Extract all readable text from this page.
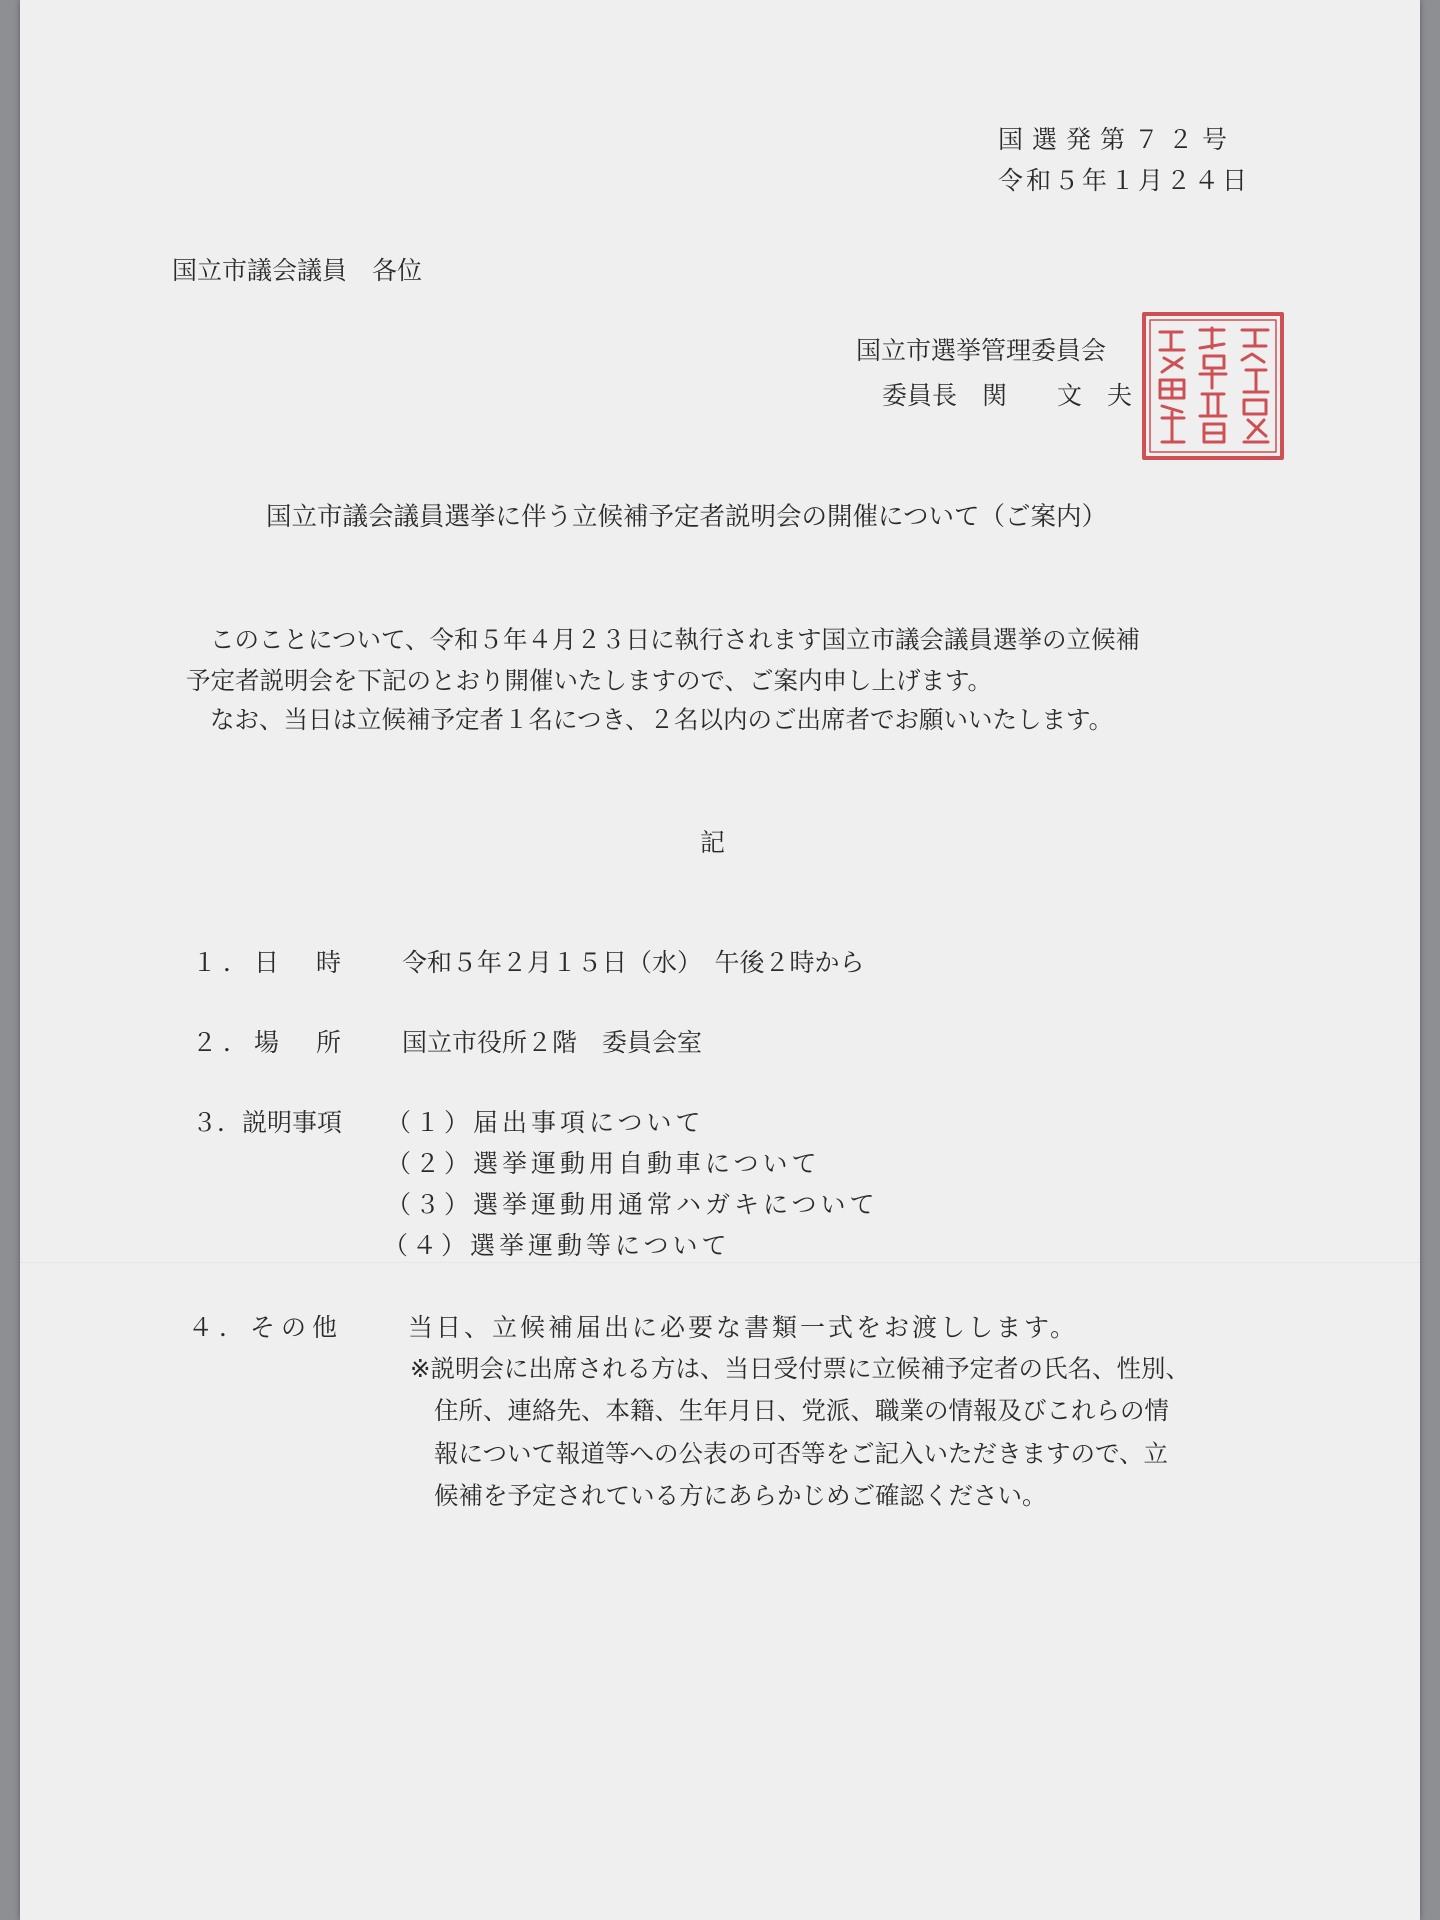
国選発第７２号
令和５年１月２４日
国立市議会議員　各位
国立市選挙管理委員会
委員長　関　　文　夫
国立市議会議員選挙に伴う立候補予定者説明会の開催について（ご案内）
このことについて、令和５年４月２３日に執行されます国立市議会議員選挙の立候補
予定者説明会を下記のとおり開催いたしますので、ご案内申し上げます。
なお、当日は立候補予定者１名につき、２名以内のご出席者でお願いいたします。
記
１．日　時 令和５年２月１５日（水）　午後２時から
２．場　所 国立市役所２階　委員会室
３．説明事項 （１）届出事項について
（２）選挙運動用自動車について
（３）選挙運動用通常ハガキについて
（４）選挙運動等について
４．その他	当日、立候補届出に必要な書類一式をお渡しします。
※説明会に出席される方は、当日受付票に立候補予定者の氏名、性別、
住所、連絡先、本籍、生年月日、党派、職業の情報及びこれらの情
報について報道等への公表の可否等をご記入いただきますので、立
候補を予定されている方にあらかじめご確認ください。
